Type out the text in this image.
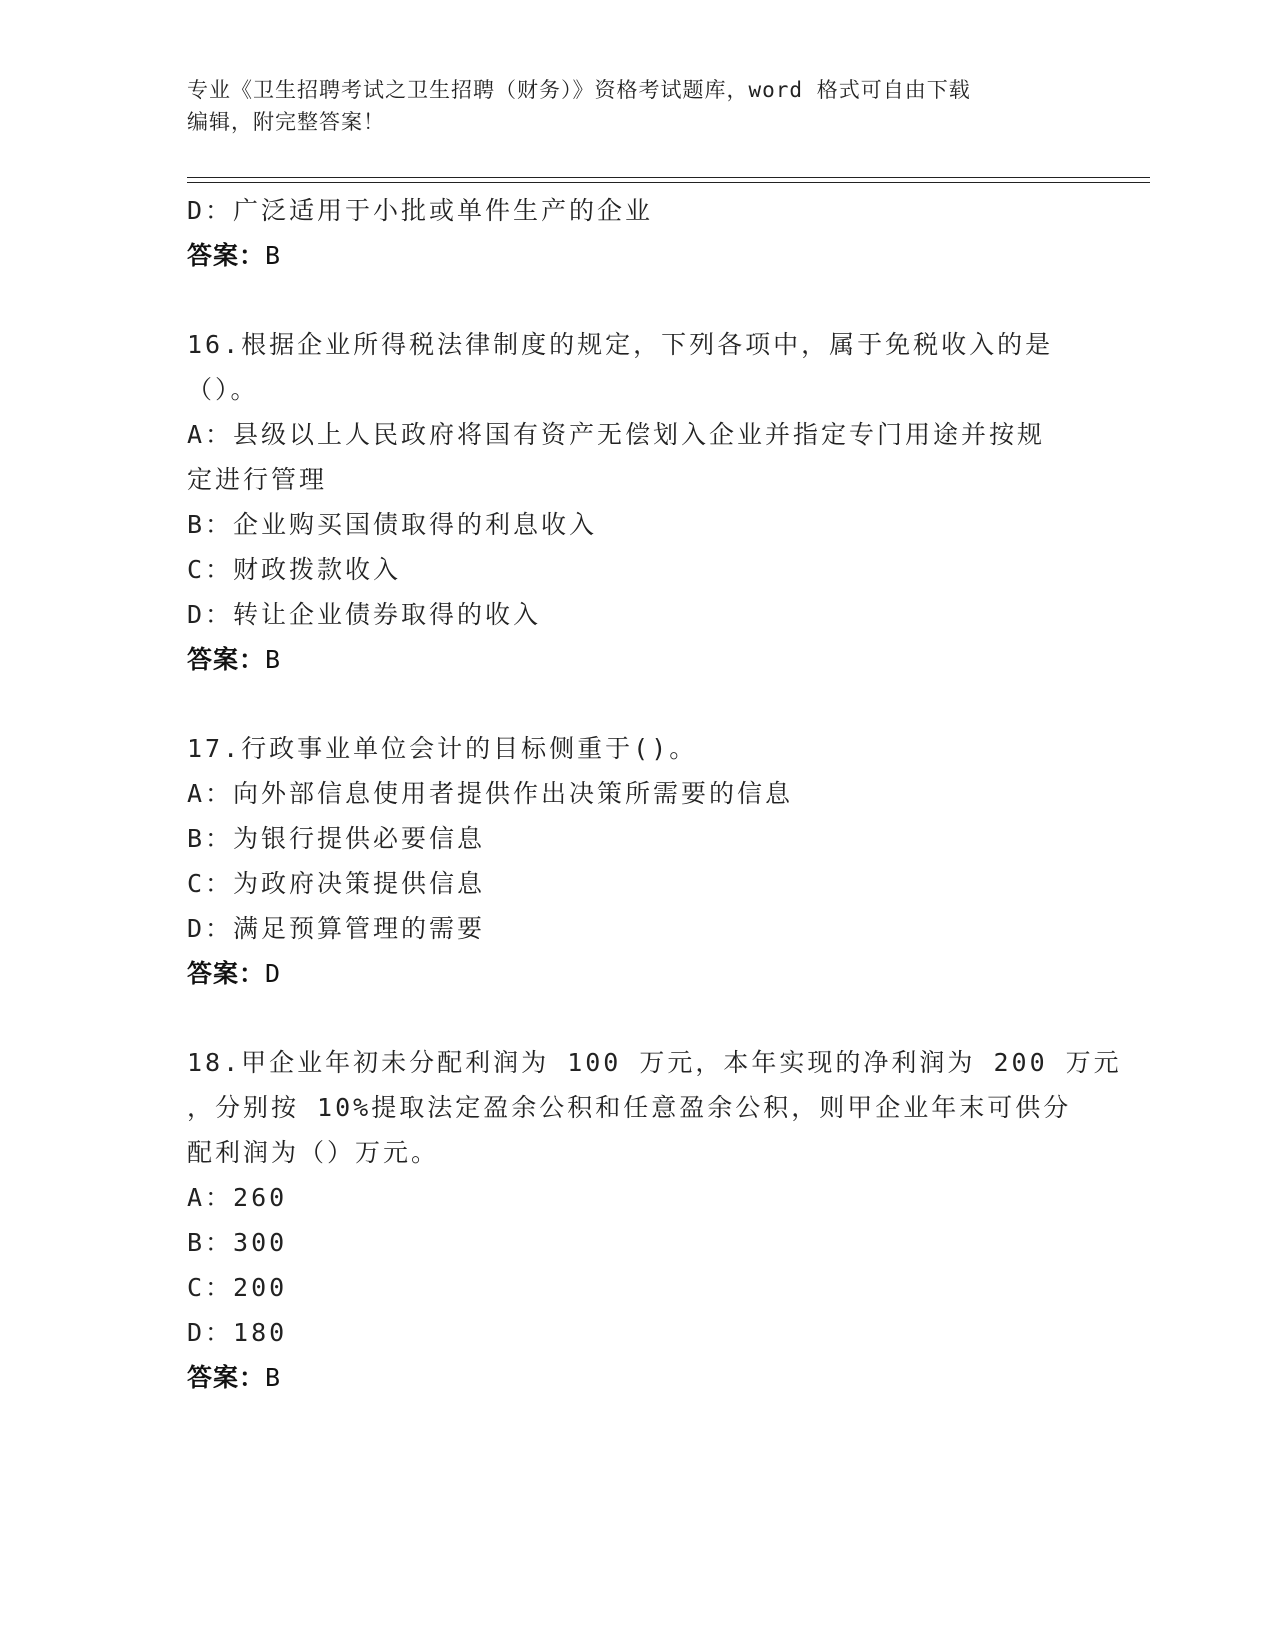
专业《卫生招聘考试之卫生招聘（财务）》资格考试题库，word 格式可自由下载
编辑，附完整答案！
D：广泛适用于小批或单件生产的企业
答案：B
16.根据企业所得税法律制度的规定，下列各项中，属于免税收入的是
（）。
A：县级以上人民政府将国有资产无偿划入企业并指定专门用途并按规
定进行管理
B：企业购买国债取得的利息收入
C：财政拨款收入
D：转让企业债券取得的收入
答案：B
17.行政事业单位会计的目标侧重于()。
A：向外部信息使用者提供作出决策所需要的信息
B：为银行提供必要信息
C：为政府决策提供信息
D：满足预算管理的需要
答案：D
18.甲企业年初未分配利润为 100 万元，本年实现的净利润为 200 万元
，分别按 10%提取法定盈余公积和任意盈余公积，则甲企业年末可供分
配利润为（）万元。
A：260
B：300
C：200
D：180
答案：B
